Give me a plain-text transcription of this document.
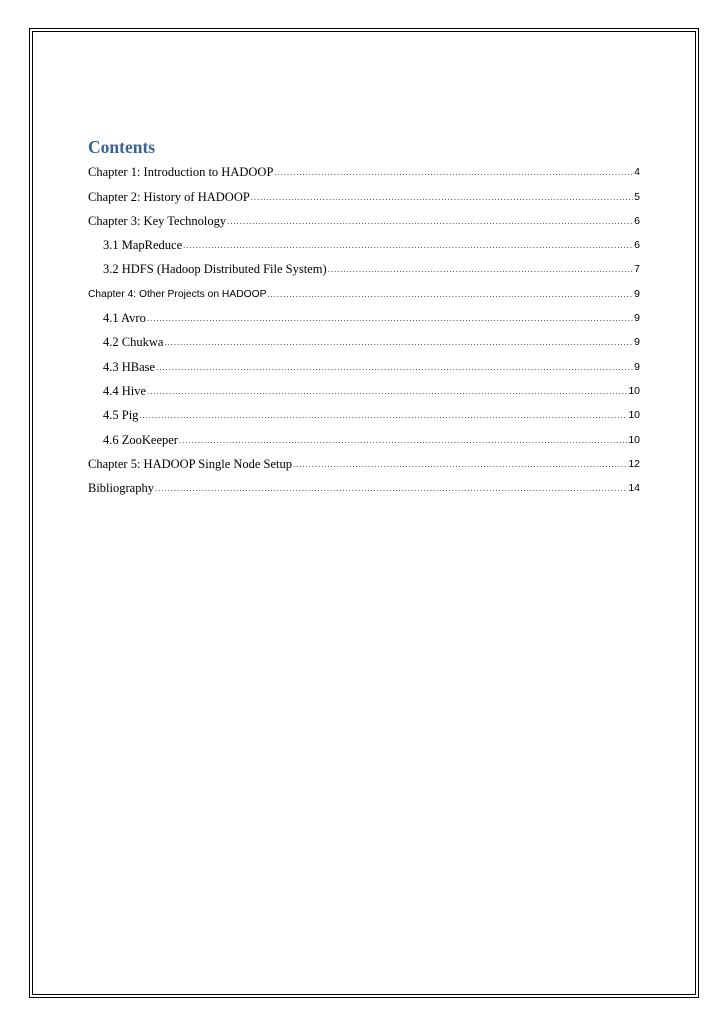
Contents
Chapter 1: Introduction to HADOOP .....	4
Chapter 2: History of HADOOP .....	5
Chapter 3: Key Technology .....	6
3.1 MapReduce .....	6
3.2 HDFS (Hadoop Distributed File System) .....	7
Chapter 4: Other Projects on HADOOP .....	9
4.1 Avro .....	9
4.2 Chukwa .....	9
4.3 HBase .....	9
4.4 Hive .....	10
4.5 Pig .....	10
4.6 ZooKeeper .....	10
Chapter 5: HADOOP Single Node Setup .....	12
Bibliography .....	14
